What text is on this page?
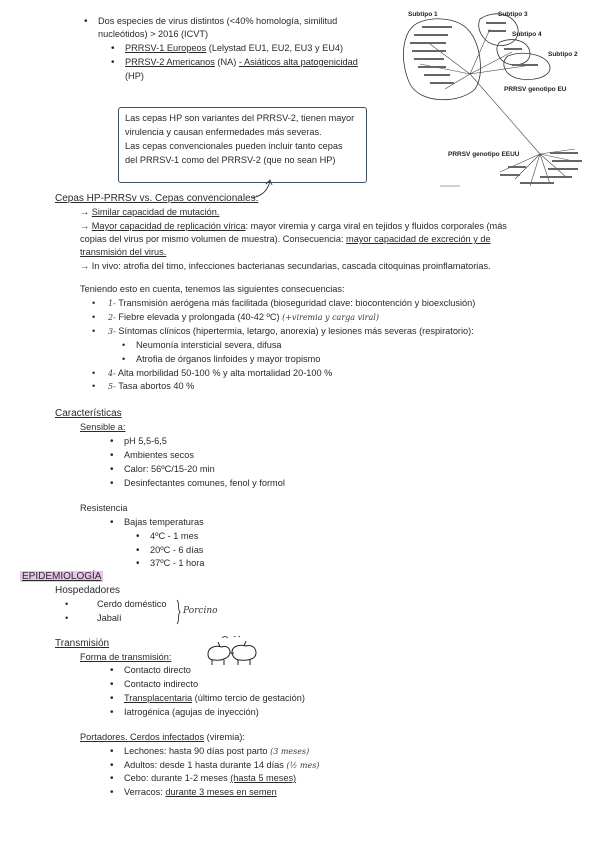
• Dos especies de virus distintos (<40% homología, similitud
nucleótidos) > 2016 (ICVT)
• PRRSV-1 Europeos (Lelystad EU1, EU2, EU3 y EU4)
• PRRSV-2 Americanos (NA) - Asiáticos alta patogenicidad
(HP)
Subtipo 1	Subtipo 3
Subtipo 4
Subtipo 2
PRRSV genotipo EU
PRRSV genotipo EEUU
Las cepas HP son variantes del PRRSV-2, tienen mayor
virulencia y causan enfermedades más severas.
Las cepas convencionales pueden incluir tanto cepas
del PRRSV-1 como del PRRSV-2 (que no sean HP)
Cepas HP-PRRSv vs. Cepas convencionales:
→ Similar capacidad de mutación.
→ Mayor capacidad de replicación vírica: mayor viremia y carga viral en tejidos y fluidos corporales (más
copias del virus por mismo volumen de muestra). Consecuencia: mayor capacidad de excreción y de
transmisión del virus.
→ In vivo: atrofia del timo, infecciones bacterianas secundarias, cascada citoquinas proinflamatorias.
Teniendo esto en cuenta, tenemos las siguientes consecuencias:
• 1- Transmisión aerógena más facilitada (bioseguridad clave: biocontención y bioexclusión)
• 2- Fiebre elevada y prolongada (40-42 ºC) (+viremia y carga viral)
• 3- Síntomas clínicos (hipertermia, letargo, anorexia) y lesiones más severas (respiratorio):
• Neumonía intersticial severa, difusa
• Atrofia de órganos linfoides y mayor tropismo
• 4- Alta morbilidad 50-100 % y alta mortalidad 20-100 %
• 5- Tasa abortos 40 %
Características
Sensible a:
• pH 5,5-6,5
• Ambientes secos
• Calor: 56ºC/15-20 min
• Desinfectantes comunes, fenol y formol
Resistencia
• Bajas temperaturas
• 4ºC - 1 mes
• 20ºC - 6 días
• 37ºC - 1 hora
EPIDEMIOLOGÍA
Hospedadores
•	Cerdo doméstico
•	Jabalí
Porcino
Transmisión
Forma de transmisión:
• Contacto directo
• Contacto indirecto
• Transplacentaria (último tercio de gestación)
• Iatrogénica (agujas de inyección)
Portadores. Cerdos infectados (viremia):
• Lechones: hasta 90 días post parto (3 meses)
• Adultos: desde 1 hasta durante 14 días (½ mes)
• Cebo: durante 1-2 meses (hasta 5 meses)
• Verracos: durante 3 meses en semen
